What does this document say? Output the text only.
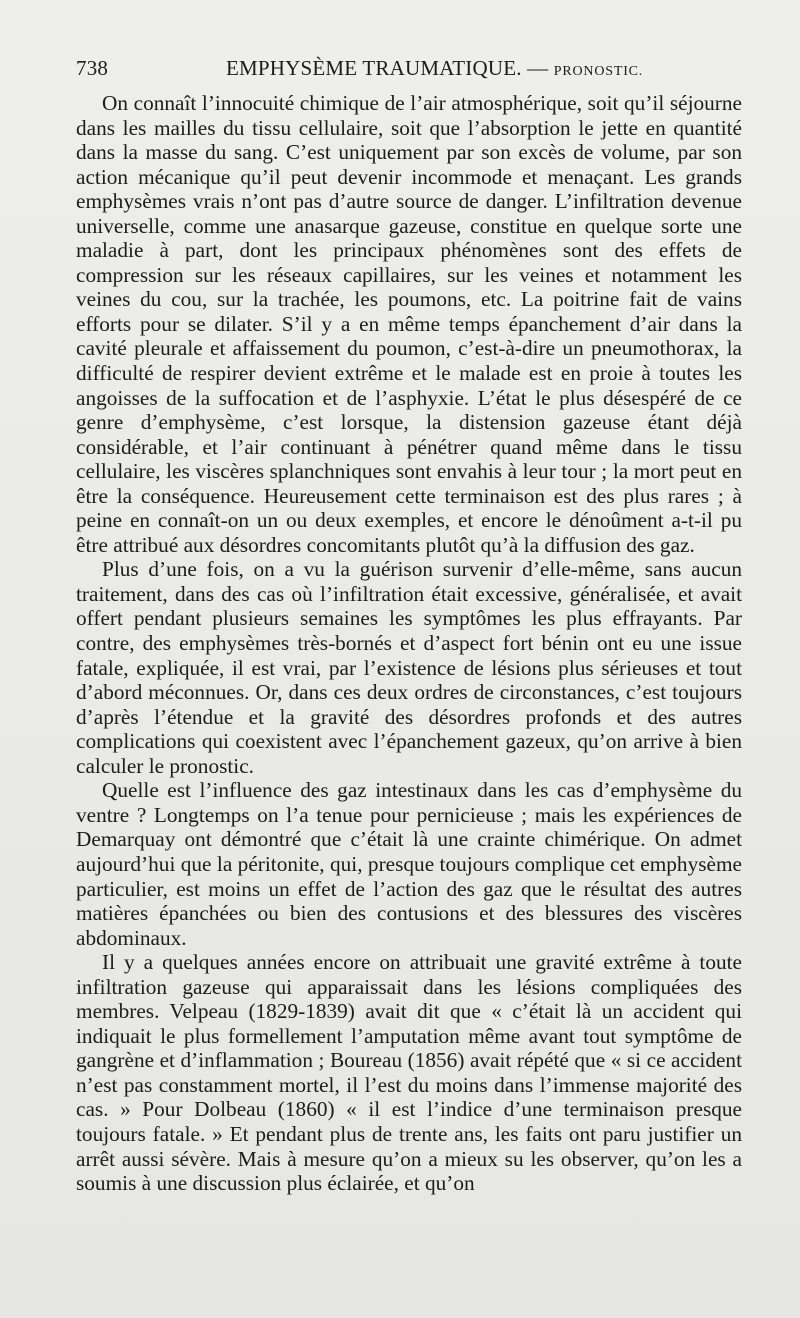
738	EMPHYSÈME TRAUMATIQUE. — PRONOSTIC.

On connaît l’innocuité chimique de l’air atmosphérique, soit qu’il séjourne dans les mailles du tissu cellulaire, soit que l’absorption le jette en quantité dans la masse du sang. C’est uniquement par son excès de volume, par son action mécanique qu’il peut devenir incommode et menaçant. Les grands emphysèmes vrais n’ont pas d’autre source de danger. L’infiltration devenue universelle, comme une anasarque gazeuse, constitue en quelque sorte une maladie à part, dont les principaux phénomènes sont des effets de compression sur les réseaux capillaires, sur les veines et notamment les veines du cou, sur la trachée, les poumons, etc. La poitrine fait de vains efforts pour se dilater. S’il y a en même temps épanchement d’air dans la cavité pleurale et affaissement du poumon, c’est-à-dire un pneumothorax, la difficulté de respirer devient extrême et le malade est en proie à toutes les angoisses de la suffocation et de l’asphyxie. L’état le plus désespéré de ce genre d’emphysème, c’est lorsque, la distension gazeuse étant déjà considérable, et l’air continuant à pénétrer quand même dans le tissu cellulaire, les viscères splanchniques sont envahis à leur tour ; la mort peut en être la conséquence. Heureusement cette terminaison est des plus rares ; à peine en connaît-on un ou deux exemples, et encore le dénoûment a-t-il pu être attribué aux désordres concomitants plutôt qu’à la diffusion des gaz.

Plus d’une fois, on a vu la guérison survenir d’elle-même, sans aucun traitement, dans des cas où l’infiltration était excessive, généralisée, et avait offert pendant plusieurs semaines les symptômes les plus effrayants. Par contre, des emphysèmes très-bornés et d’aspect fort bénin ont eu une issue fatale, expliquée, il est vrai, par l’existence de lésions plus sérieuses et tout d’abord méconnues. Or, dans ces deux ordres de circonstances, c’est toujours d’après l’étendue et la gravité des désordres profonds et des autres complications qui coexistent avec l’épanchement gazeux, qu’on arrive à bien calculer le pronostic.

Quelle est l’influence des gaz intestinaux dans les cas d’emphysème du ventre ? Longtemps on l’a tenue pour pernicieuse ; mais les expériences de Demarquay ont démontré que c’était là une crainte chimérique. On admet aujourd’hui que la péritonite, qui, presque toujours complique cet emphysème particulier, est moins un effet de l’action des gaz que le résultat des autres matières épanchées ou bien des contusions et des blessures des viscères abdominaux.

Il y a quelques années encore on attribuait une gravité extrême à toute infiltration gazeuse qui apparaissait dans les lésions compliquées des membres. Velpeau (1829-1839) avait dit que « c’était là un accident qui indiquait le plus formellement l’amputation même avant tout symptôme de gangrène et d’inflammation ; Boureau (1856) avait répété que « si ce accident n’est pas constamment mortel, il l’est du moins dans l’immense majorité des cas. » Pour Dolbeau (1860) « il est l’indice d’une terminaison presque toujours fatale. » Et pendant plus de trente ans, les faits ont paru justifier un arrêt aussi sévère. Mais à mesure qu’on a mieux su les observer, qu’on les a soumis à une discussion plus éclairée, et qu’on
